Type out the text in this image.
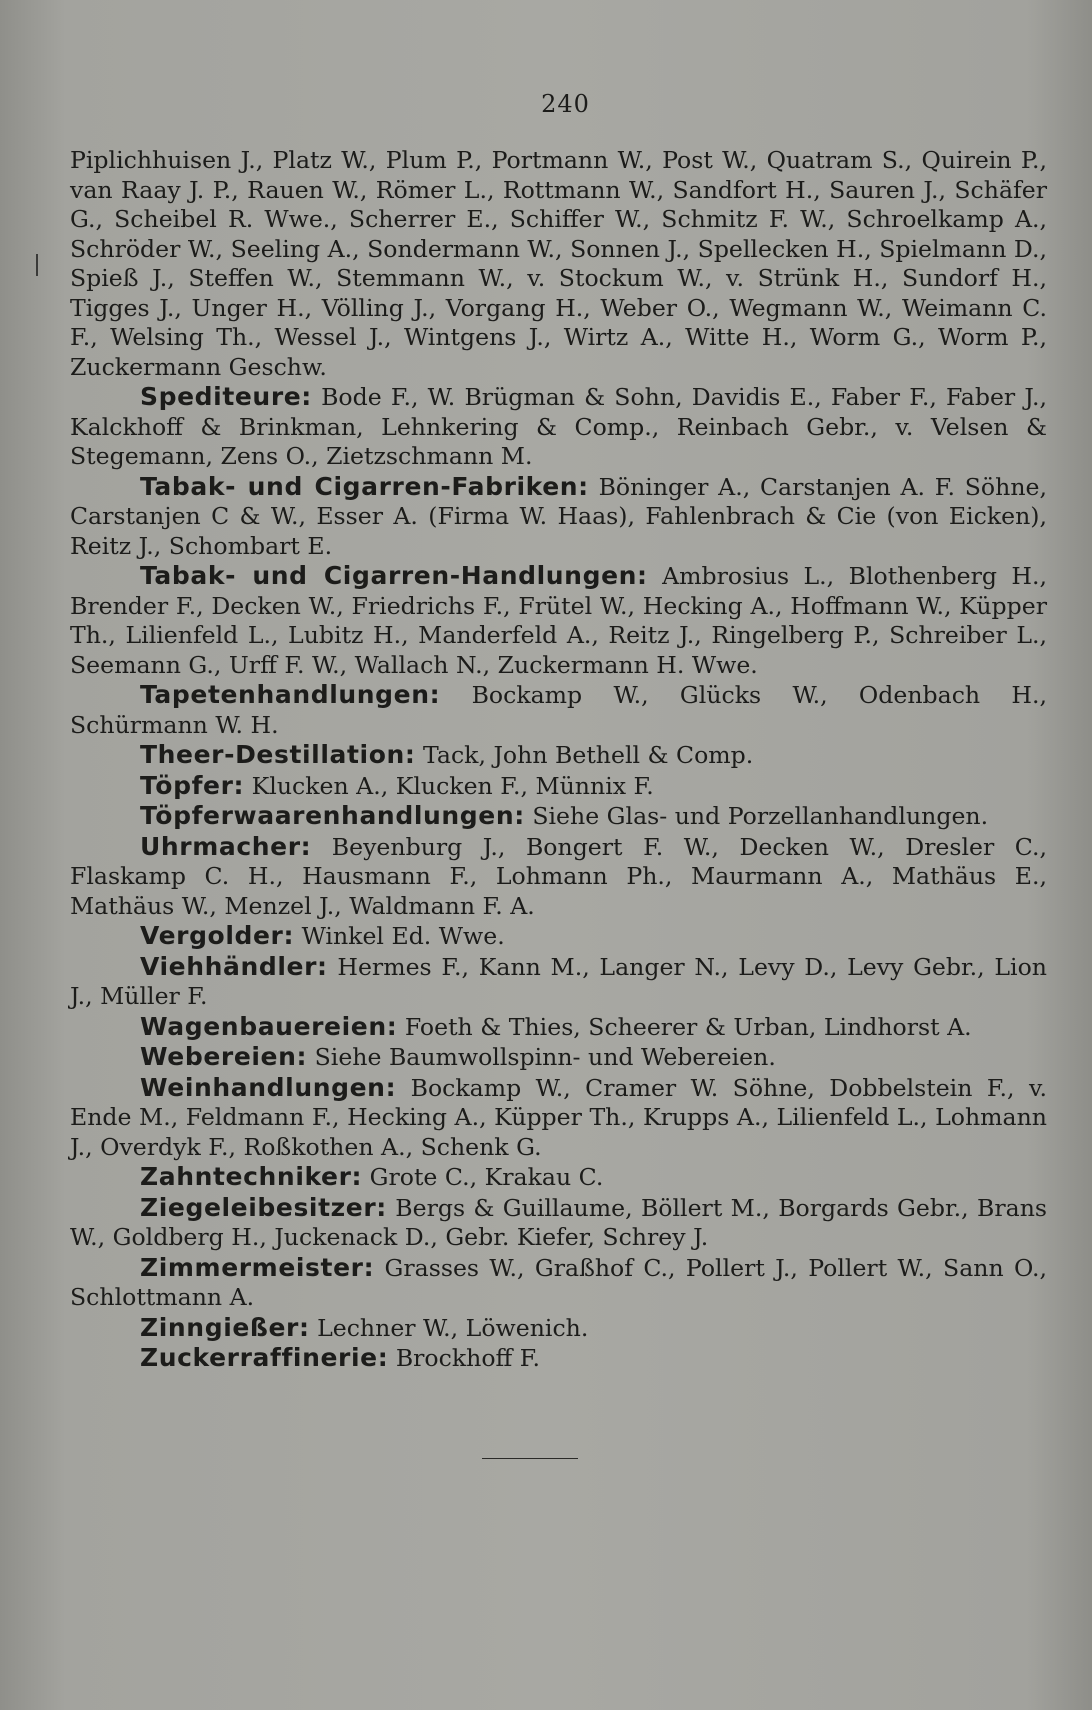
240

Piplichhuisen J., Platz W., Plum P., Portmann W., Post W., Quatram S., Quirein P., van Raay J. P., Rauen W., Römer L., Rottmann W., Sandfort H., Sauren J., Schäfer G., Scheibel R. Wwe., Scherrer E., Schiffer W., Schmitz F. W., Schroelkamp A., Schröder W., Seeling A., Sondermann W., Sonnen J., Spellecken H., Spielmann D., Spieß J., Steffen W., Stemmann W., v. Stockum W., v. Strünk H., Sundorf H., Tigges J., Unger H., Völling J., Vorgang H., Weber O., Wegmann W., Weimann C. F., Welsing Th., Wessel J., Wintgens J., Wirtz A., Witte H., Worm G., Worm P., Zuckermann Geschw.

Spediteure: Bode F., W. Brügman & Sohn, Davidis E., Faber F., Faber J., Kalckhoff & Brinkman, Lehnkering & Comp., Reinbach Gebr., v. Velsen & Stegemann, Zens O., Zietzschmann M.

Tabak- und Cigarren-Fabriken: Böninger A., Carstanjen A. F. Söhne, Carstanjen C & W., Esser A. (Firma W. Haas), Fahlenbrach & Cie (von Eicken), Reitz J., Schombart E.

Tabak- und Cigarren-Handlungen: Ambrosius L., Blothenberg H., Brender F., Decken W., Friedrichs F., Frütel W., Hecking A., Hoffmann W., Küpper Th., Lilienfeld L., Lubitz H., Manderfeld A., Reitz J., Ringelberg P., Schreiber L., Seemann G., Urff F. W., Wallach N., Zuckermann H. Wwe.

Tapetenhandlungen: Bockamp W., Glücks W., Odenbach H., Schürmann W. H.

Theer-Destillation: Tack, John Bethell & Comp.

Töpfer: Klucken A., Klucken F., Münnix F.

Töpferwaarenhandlungen: Siehe Glas- und Porzellanhandlungen.

Uhrmacher: Beyenburg J., Bongert F. W., Decken W., Dresler C., Flaskamp C. H., Hausmann F., Lohmann Ph., Maurmann A., Mathäus E., Mathäus W., Menzel J., Waldmann F. A.

Vergolder: Winkel Ed. Wwe.

Viehhändler: Hermes F., Kann M., Langer N., Levy D., Levy Gebr., Lion J., Müller F.

Wagenbauereien: Foeth & Thies, Scheerer & Urban, Lindhorst A.

Webereien: Siehe Baumwollspinn- und Webereien.

Weinhandlungen: Bockamp W., Cramer W. Söhne, Dobbelstein F., v. Ende M., Feldmann F., Hecking A., Küpper Th., Krupps A., Lilienfeld L., Lohmann J., Overdyk F., Roßkothen A., Schenk G.

Zahntechniker: Grote C., Krakau C.

Ziegeleibesitzer: Bergs & Guillaume, Böllert M., Borgards Gebr., Brans W., Goldberg H., Juckenack D., Gebr. Kiefer, Schrey J.

Zimmermeister: Grasses W., Graßhof C., Pollert J., Pollert W., Sann O., Schlottmann A.

Zinngießer: Lechner W., Löwenich.

Zuckerraffinerie: Brockhoff F.
